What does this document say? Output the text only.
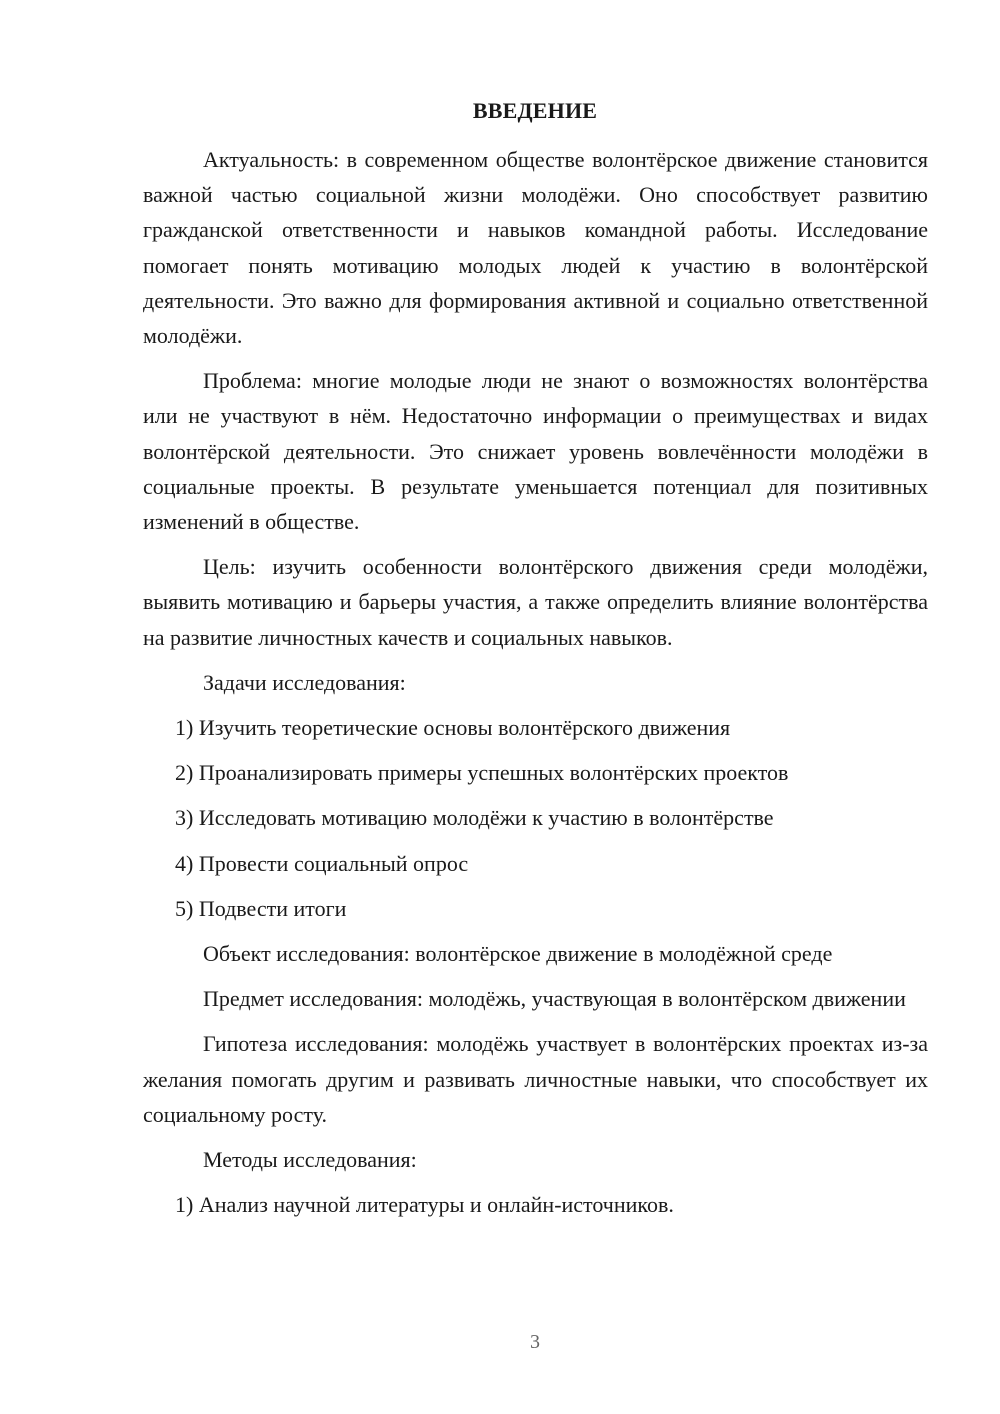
ВВЕДЕНИЕ

Актуальность: в современном обществе волонтёрское движение становится важной частью социальной жизни молодёжи. Оно способствует развитию гражданской ответственности и навыков командной работы. Исследование помогает понять мотивацию молодых людей к участию в волонтёрской деятельности. Это важно для формирования активной и социально ответственной молодёжи.

Проблема: многие молодые люди не знают о возможностях волонтёрства или не участвуют в нём. Недостаточно информации о преимуществах и видах волонтёрской деятельности. Это снижает уровень вовлечённости молодёжи в социальные проекты. В результате уменьшается потенциал для позитивных изменений в обществе.

Цель: изучить особенности волонтёрского движения среди молодёжи, выявить мотивацию и барьеры участия, а также определить влияние волонтёрства на развитие личностных качеств и социальных навыков.

Задачи исследования:

1) Изучить теоретические основы волонтёрского движения

2) Проанализировать примеры успешных волонтёрских проектов

3) Исследовать мотивацию молодёжи к участию в волонтёрстве

4) Провести социальный опрос

5) Подвести итоги

Объект исследования: волонтёрское движение в молодёжной среде

Предмет исследования: молодёжь, участвующая в волонтёрском движении

Гипотеза исследования: молодёжь участвует в волонтёрских проектах из-за желания помогать другим и развивать личностные навыки, что способствует их социальному росту.

Методы исследования:

1) Анализ научной литературы и онлайн-источников.

3
